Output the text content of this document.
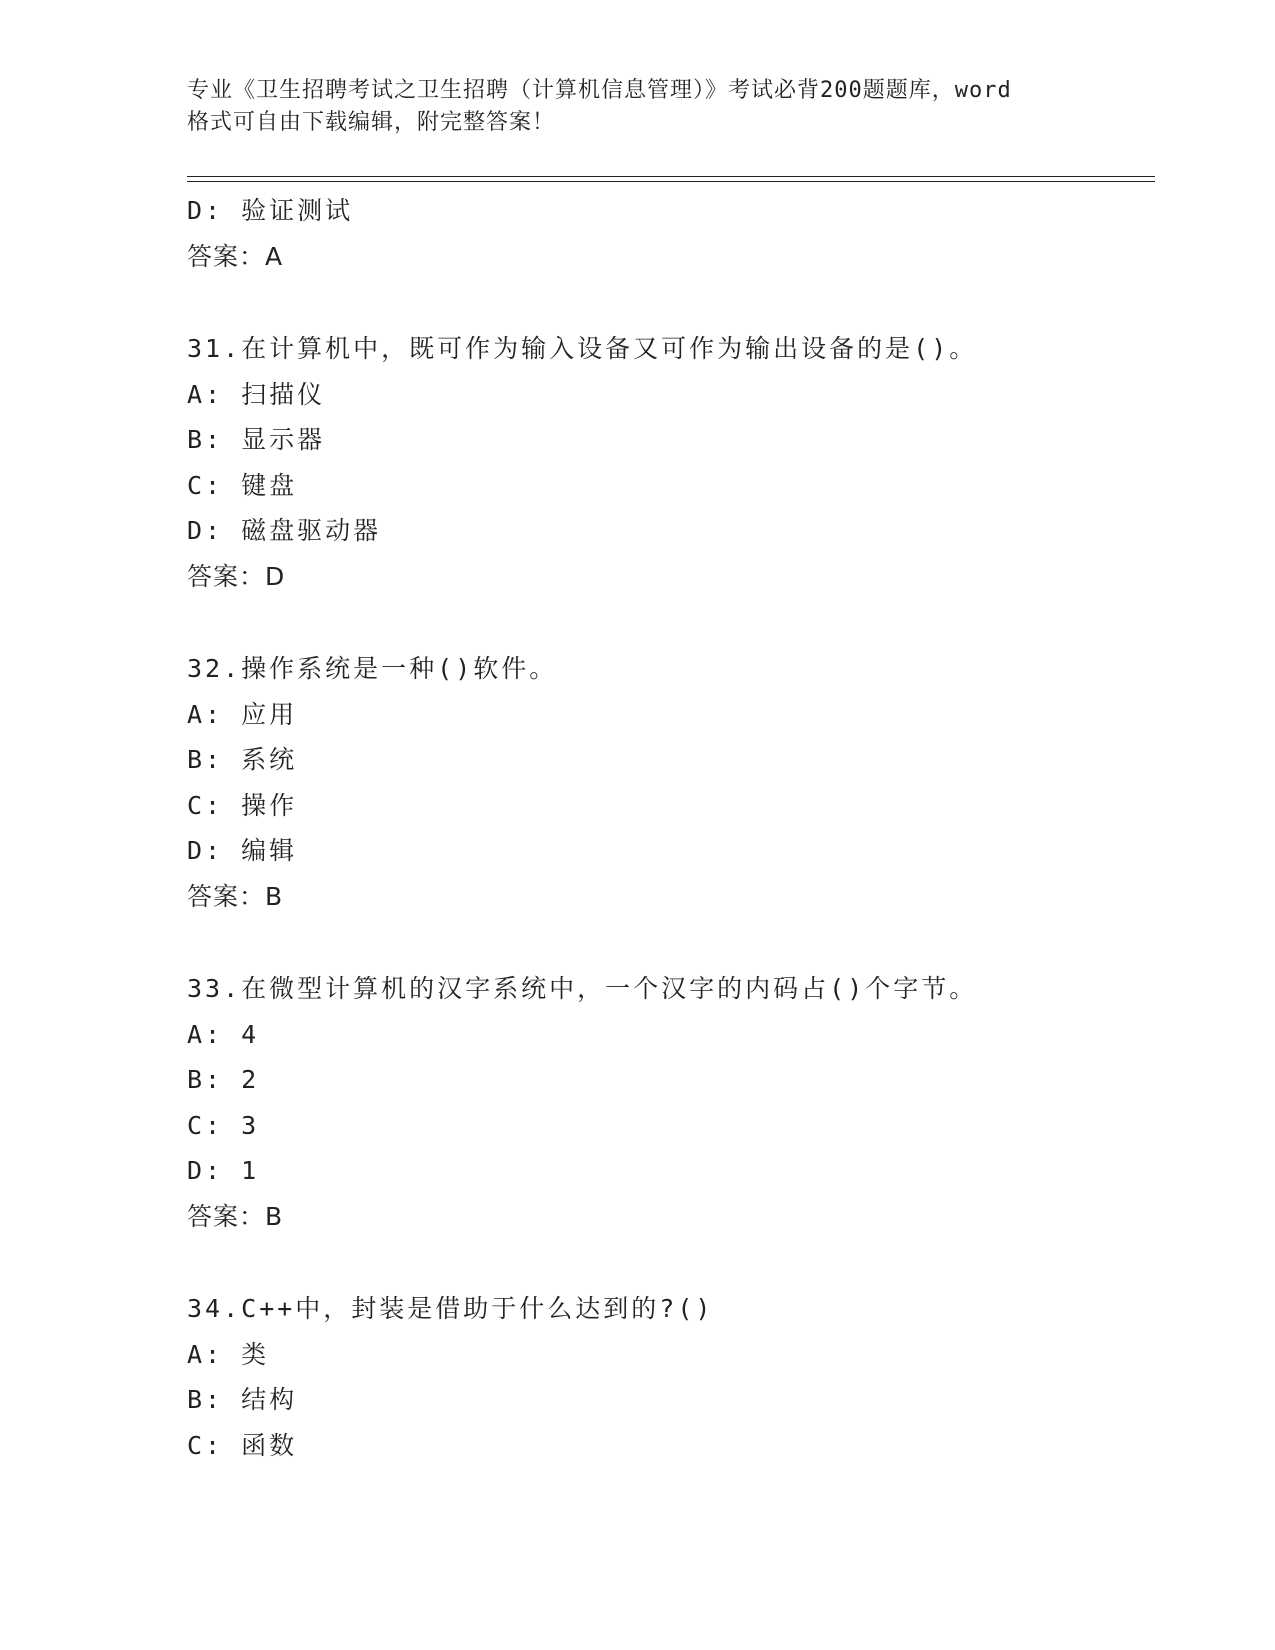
专业《卫生招聘考试之卫生招聘（计算机信息管理）》考试必背200题题库，word
格式可自由下载编辑，附完整答案！
D: 验证测试
答案：A
31.在计算机中，既可作为输入设备又可作为输出设备的是()。
A: 扫描仪
B: 显示器
C: 键盘
D: 磁盘驱动器
答案：D
32.操作系统是一种()软件。
A: 应用
B: 系统
C: 操作
D: 编辑
答案：B
33.在微型计算机的汉字系统中，一个汉字的内码占()个字节。
A: 4
B: 2
C: 3
D: 1
答案：B
34.C++中，封装是借助于什么达到的?()
A: 类
B: 结构
C: 函数
